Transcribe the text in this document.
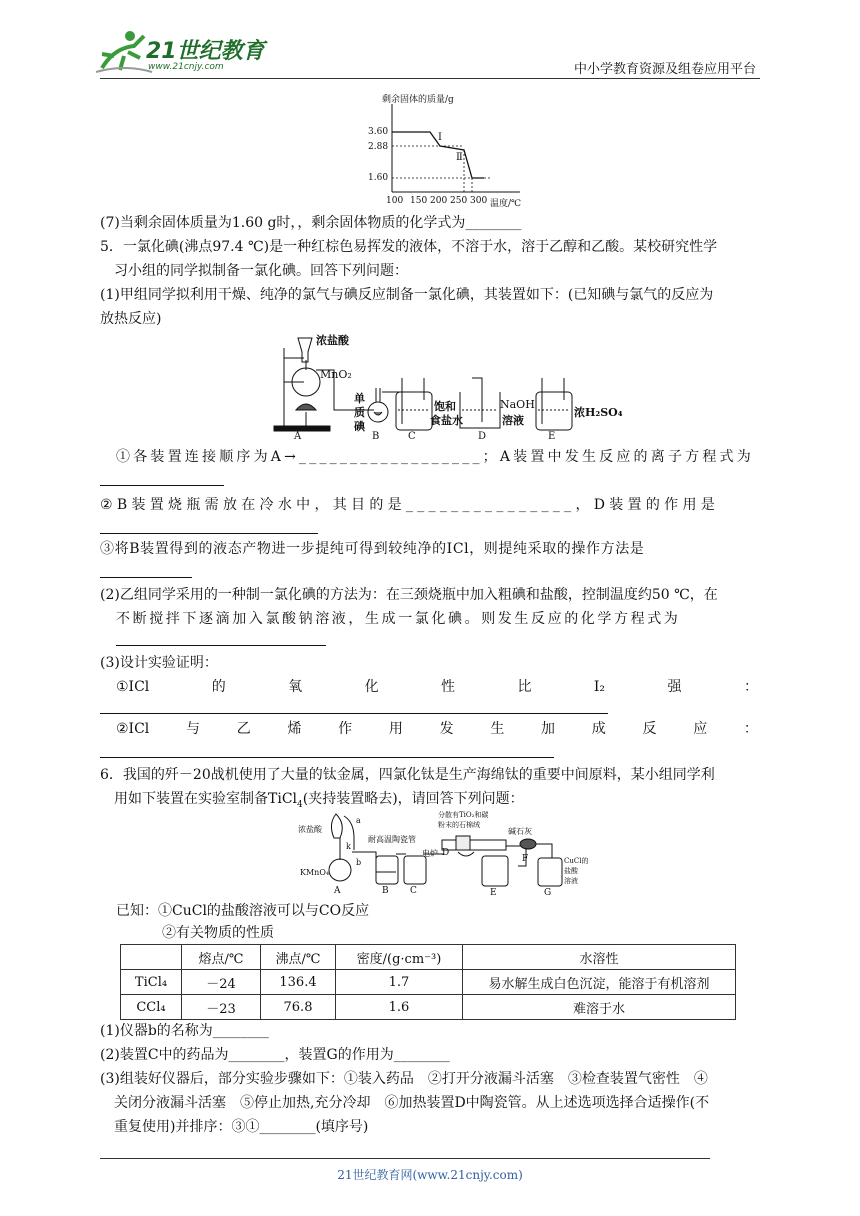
21世纪教育
www.21cnjy.com	中小学教育资源及组卷应用平台
剩余固体的质量/g
3.60
2.88
1.60
Ⅰ
Ⅱ
100 150 200 250 300 温度/℃
(7)当剩余固体质量为1.60 g时，，剩余固体物质的化学式为________
5．一氯化碘(沸点97.4 ℃)是一种红棕色易挥发的液体，不溶于水，溶于乙醇和乙酸。某校研究性学
习小组的同学拟制备一氯化碘。回答下列问题：
(1)甲组同学拟利用干燥、纯净的氯气与碘反应制备一氯化碘，其装置如下：(已知碘与氯气的反应为
放热反应)
浓盐酸
MnO₂
单
质
碘
饱和
食盐水
NaOH
溶液
浓H₂SO₄
A	B	C	D	E
①各装置连接顺序为A→__________________；A装置中发生反应的离子方程式为
②B装置烧瓶需放在冷水中，其目的是_______________，D装置的作用是
③将B装置得到的液态产物进一步提纯可得到较纯净的ICl，则提纯采取的操作方法是
(2)乙组同学采用的一种制一氯化碘的方法为：在三颈烧瓶中加入粗碘和盐酸，控制温度约50 ℃，在
不断搅拌下逐滴加入氯酸钠溶液，生成一氯化碘。则发生反应的化学方程式为
(3)设计实验证明：
①ICl	的	氧	化	性	比	I₂	强	：
②ICl	与	乙	烯	作	用	发	生	加	成	反	应	：
6．我国的歼－20战机使用了大量的钛金属，四氯化钛是生产海绵钛的重要中间原料，某小组同学利
用如下装置在实验室制备TiCl$_4$(夹持装置略去)，请回答下列问题：
浓盐酸
a
k
b
KMnO₄
耐高温陶瓷管
分散有TiO₂和碳
粉末的石棉绒
电炉
碱石灰
CuCl的
盐酸
溶液
A	B C
D
E
F
G
已知：①CuCl的盐酸溶液可以与CO反应
②有关物质的性质
	熔点/℃	沸点/℃	密度/(g·cm⁻³)	水溶性
TiCl₄	－24	136.4	1.7	易水解生成白色沉淀，能溶于有机溶剂
CCl₄	－23	76.8	1.6	难溶于水
(1)仪器b的名称为________
(2)装置C中的药品为________，装置G的作用为________
(3)组装好仪器后，部分实验步骤如下：①装入药品　②打开分液漏斗活塞　③检查装置气密性　④
关闭分液漏斗活塞　⑤停止加热,充分冷却　⑥加热装置D中陶瓷管。从上述选项选择合适操作(不
重复使用)并排序：③①________(填序号)
21世纪教育网(www.21cnjy.com)
